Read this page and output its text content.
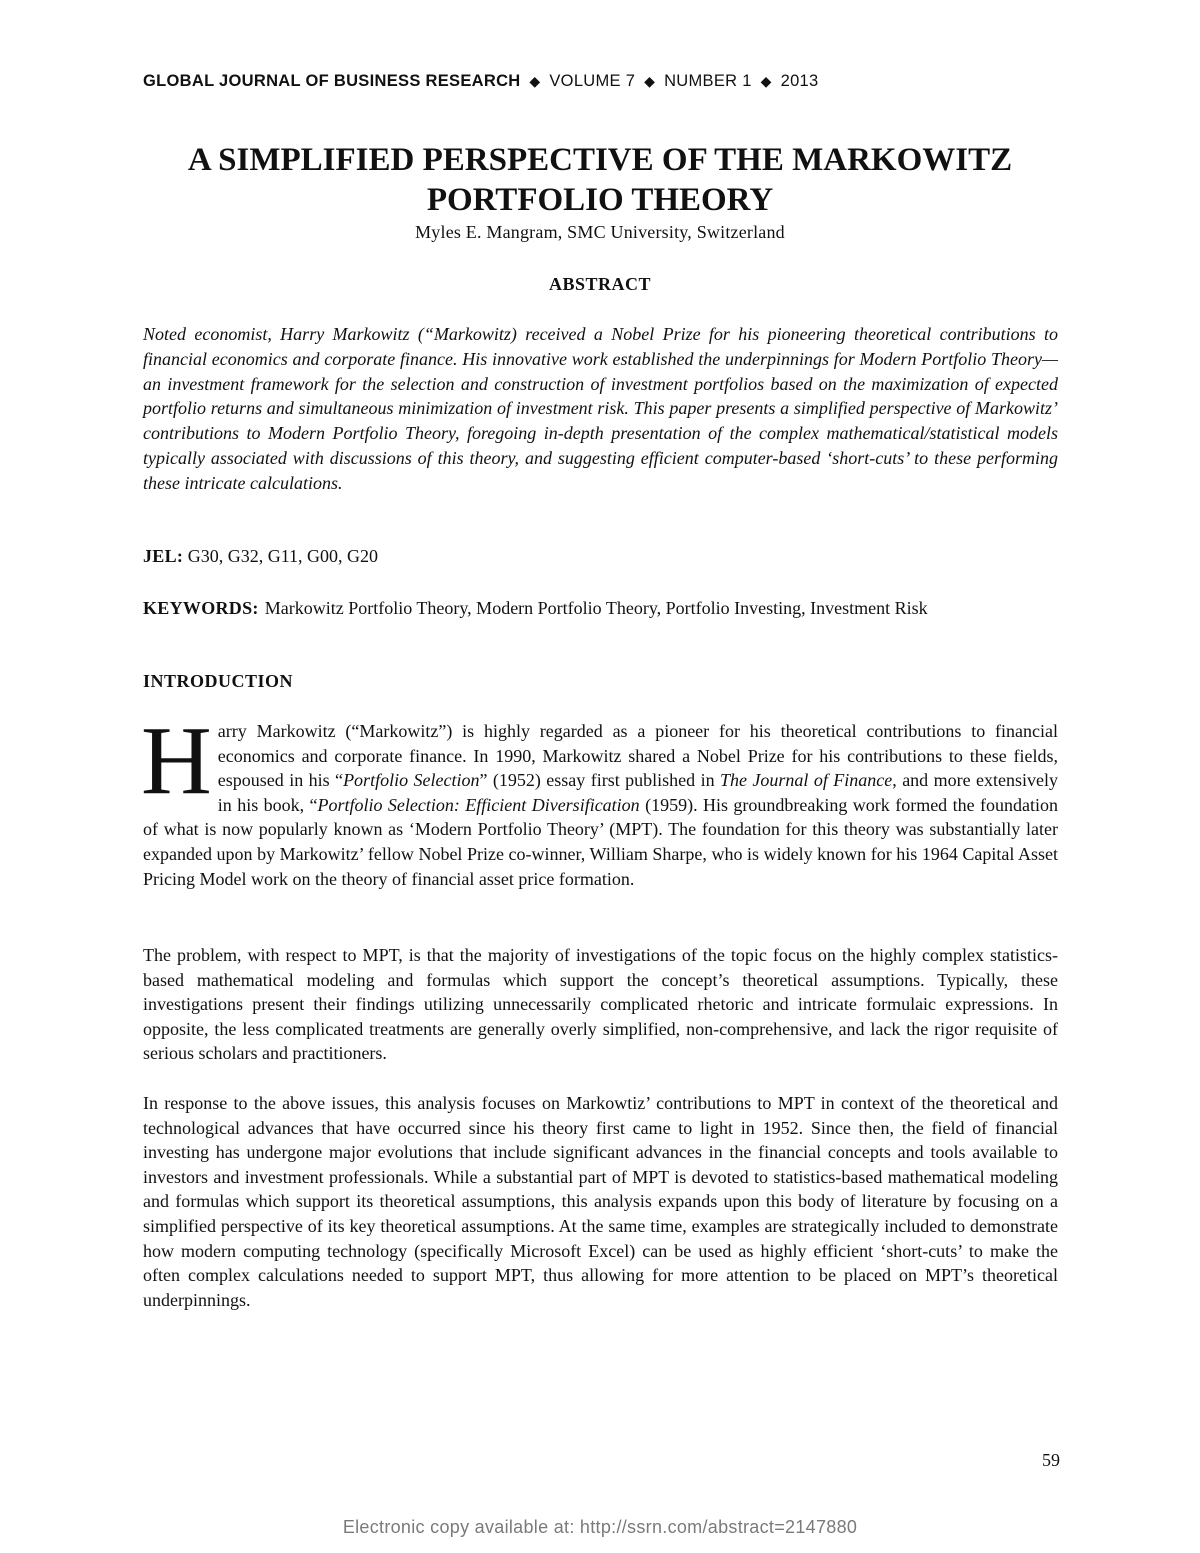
GLOBAL JOURNAL OF BUSINESS RESEARCH ◆ VOLUME 7 ◆ NUMBER 1 ◆ 2013
A SIMPLIFIED PERSPECTIVE OF THE MARKOWITZ PORTFOLIO THEORY
Myles E. Mangram, SMC University, Switzerland
ABSTRACT

Noted economist, Harry Markowitz (“Markowitz) received a Nobel Prize for his pioneering theoretical contributions to financial economics and corporate finance. His innovative work established the underpinnings for Modern Portfolio Theory—an investment framework for the selection and construction of investment portfolios based on the maximization of expected portfolio returns and simultaneous minimization of investment risk. This paper presents a simplified perspective of Markowitz’ contributions to Modern Portfolio Theory, foregoing in-depth presentation of the complex mathematical/statistical models typically associated with discussions of this theory, and suggesting efficient computer-based ‘short-cuts’ to these performing these intricate calculations.

JEL: G30, G32, G11, G00, G20
KEYWORDS: Markowitz Portfolio Theory, Modern Portfolio Theory, Portfolio Investing, Investment Risk
INTRODUCTION

Harry Markowitz (“Markowitz”) is highly regarded as a pioneer for his theoretical contributions to financial economics and corporate finance. In 1990, Markowitz shared a Nobel Prize for his contributions to these fields, espoused in his “Portfolio Selection” (1952) essay first published in The Journal of Finance, and more extensively in his book, “Portfolio Selection: Efficient Diversification (1959). His groundbreaking work formed the foundation of what is now popularly known as ‘Modern Portfolio Theory’ (MPT). The foundation for this theory was substantially later expanded upon by Markowitz’ fellow Nobel Prize co-winner, William Sharpe, who is widely known for his 1964 Capital Asset Pricing Model work on the theory of financial asset price formation.

The problem, with respect to MPT, is that the majority of investigations of the topic focus on the highly complex statistics-based mathematical modeling and formulas which support the concept’s theoretical assumptions. Typically, these investigations present their findings utilizing unnecessarily complicated rhetoric and intricate formulaic expressions. In opposite, the less complicated treatments are generally overly simplified, non-comprehensive, and lack the rigor requisite of serious scholars and practitioners.

In response to the above issues, this analysis focuses on Markowtiz’ contributions to MPT in context of the theoretical and technological advances that have occurred since his theory first came to light in 1952. Since then, the field of financial investing has undergone major evolutions that include significant advances in the financial concepts and tools available to investors and investment professionals. While a substantial part of MPT is devoted to statistics-based mathematical modeling and formulas which support its theoretical assumptions, this analysis expands upon this body of literature by focusing on a simplified perspective of its key theoretical assumptions. At the same time, examples are strategically included to demonstrate how modern computing technology (specifically Microsoft Excel) can be used as highly efficient ‘short-cuts’ to make the often complex calculations needed to support MPT, thus allowing for more attention to be placed on MPT’s theoretical underpinnings.

59
Electronic copy available at: http://ssrn.com/abstract=2147880
